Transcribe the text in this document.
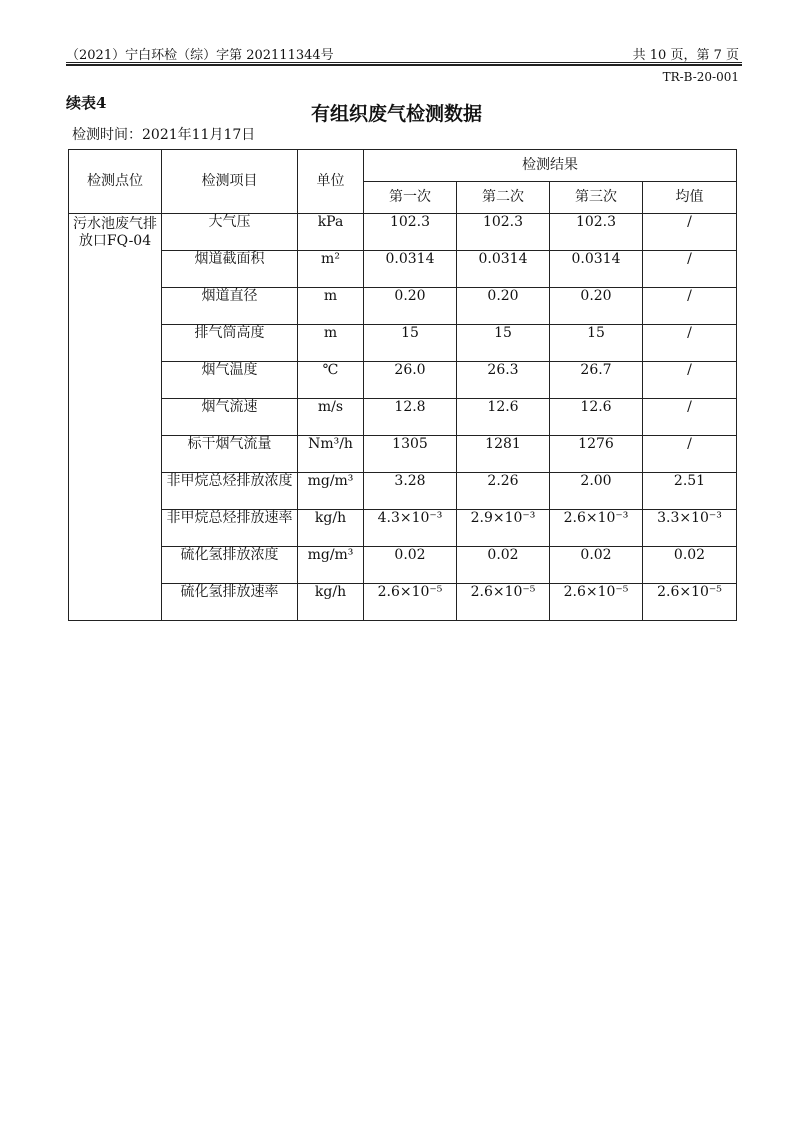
（2021）宁白环检（综）字第 202111344号	共 10 页，第 7 页
TR-B-20-001
续表4	有组织废气检测数据
检测时间：2021年11月17日
检测点位	检测项目	单位	检测结果			
			第一次	第二次	第三次	均值
污水池废气排放口FQ-04	大气压	kPa	102.3	102.3	102.3	/
	烟道截面积	m²	0.0314	0.0314	0.0314	/
	烟道直径	m	0.20	0.20	0.20	/
	排气筒高度	m	15	15	15	/
	烟气温度	℃	26.0	26.3	26.7	/
	烟气流速	m/s	12.8	12.6	12.6	/
	标干烟气流量	Nm³/h	1305	1281	1276	/
	非甲烷总烃排放浓度	mg/m³	3.28	2.26	2.00	2.51
	非甲烷总烃排放速率	kg/h	4.3×10⁻³	2.9×10⁻³	2.6×10⁻³	3.3×10⁻³
	硫化氢排放浓度	mg/m³	0.02	0.02	0.02	0.02
	硫化氢排放速率	kg/h	2.6×10⁻⁵	2.6×10⁻⁵	2.6×10⁻⁵	2.6×10⁻⁵
